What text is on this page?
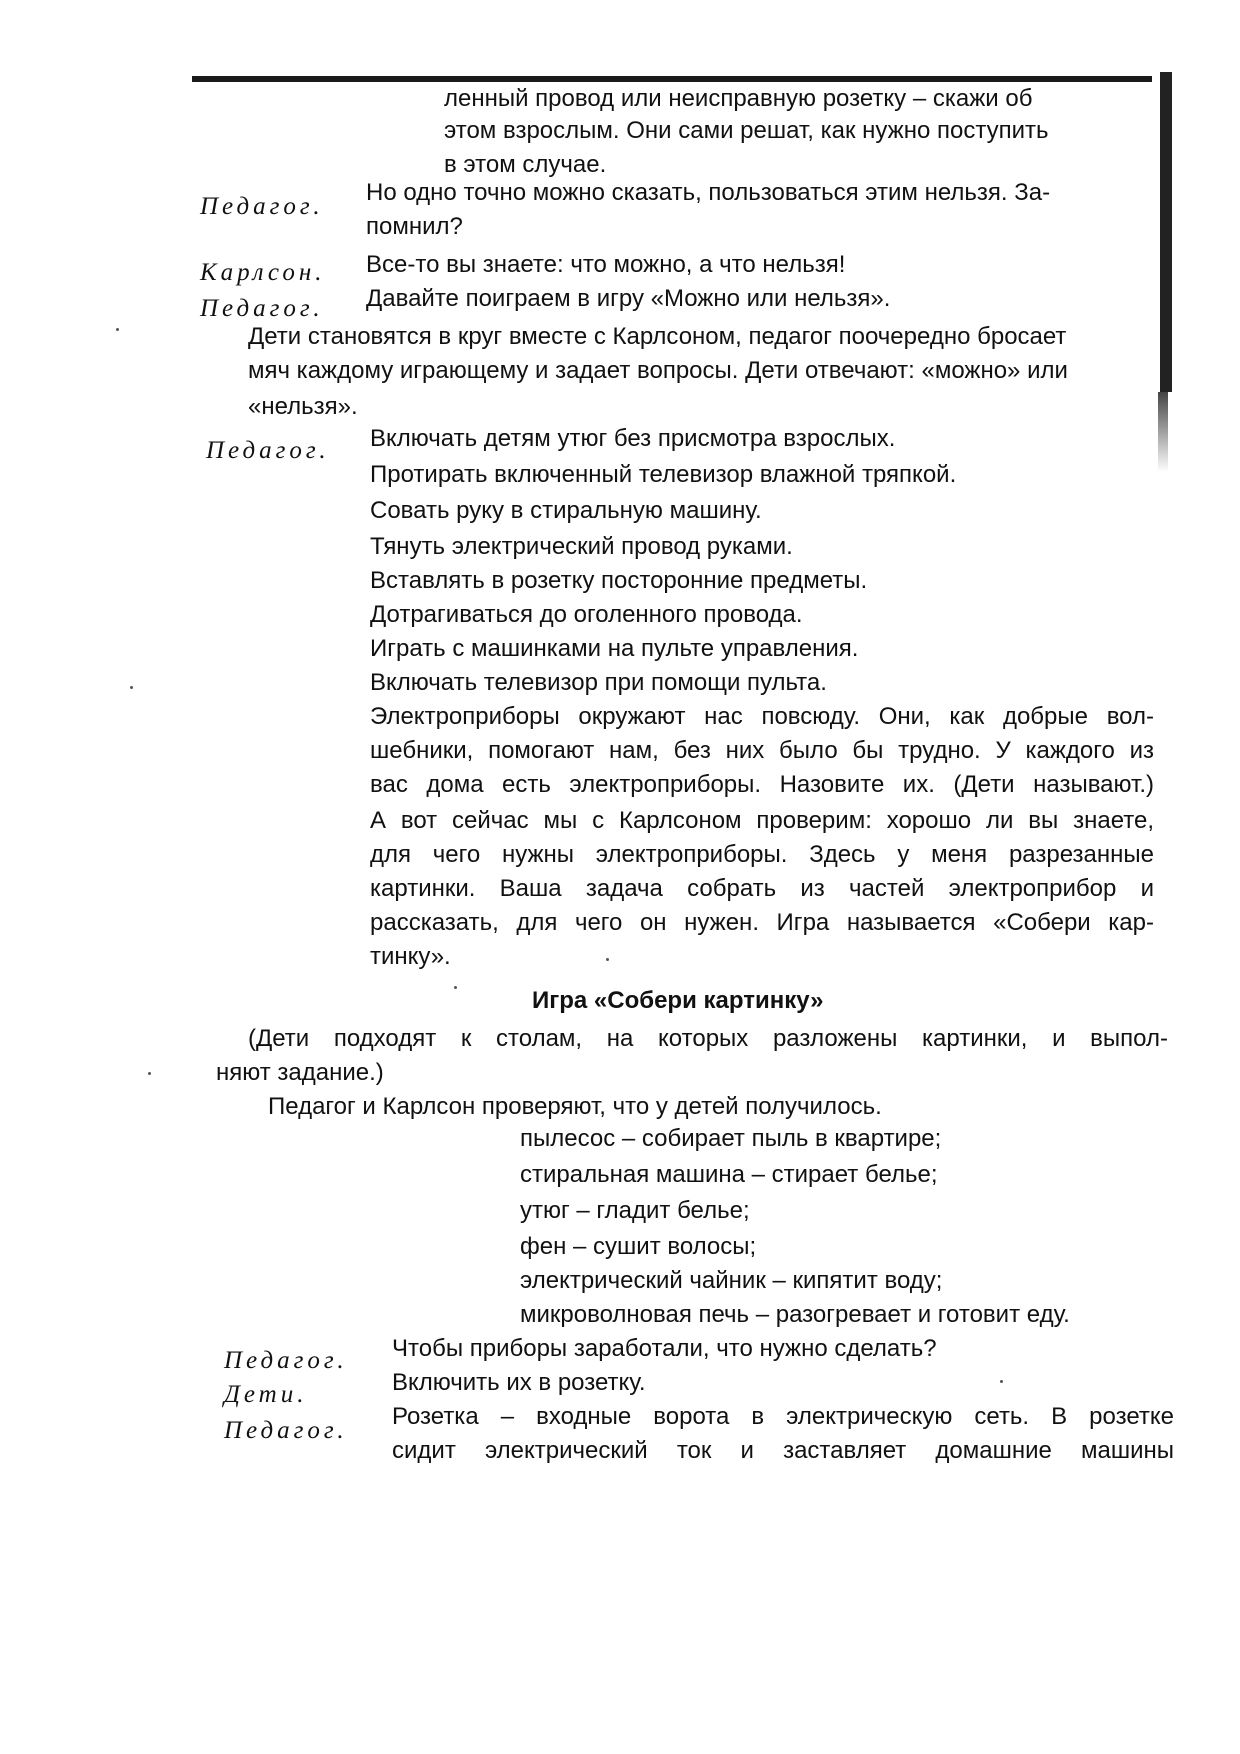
ленный провод или неисправную розетку – скажи об
этом взрослым. Они сами решат, как нужно поступить
в этом случае.
Педагог.
Но одно точно можно сказать, пользоваться этим нельзя. За-
помнил?
Карлсон. Все-то вы знаете: что можно, а что нельзя!
Педагог. Давайте поиграем в игру «Можно или нельзя».
Дети становятся в круг вместе с Карлсоном, педагог поочередно бросает
мяч каждому играющему и задает вопросы. Дети отвечают: «можно» или
«нельзя».
Педагог. Включать детям утюг без присмотра взрослых.
Протирать включенный телевизор влажной тряпкой.
Совать руку в стиральную машину.
Тянуть электрический провод руками.
Вставлять в розетку посторонние предметы.
Дотрагиваться до оголенного провода.
Играть с машинками на пульте управления.
Включать телевизор при помощи пульта.
Электроприборы окружают нас повсюду. Они, как добрые вол-
шебники, помогают нам, без них было бы трудно. У каждого из
вас дома есть электроприборы. Назовите их. (Дети называют.)
А вот сейчас мы с Карлсоном проверим: хорошо ли вы знаете,
для чего нужны электроприборы. Здесь у меня разрезанные
картинки. Ваша задача собрать из частей электроприбор и
рассказать, для чего он нужен. Игра называется «Собери кар-
тинку».
Игра «Собери картинку»
(Дети подходят к столам, на которых разложены картинки, и выпол-
няют задание.)
Педагог и Карлсон проверяют, что у детей получилось.
пылесос – собирает пыль в квартире;
стиральная машина – стирает белье;
утюг – гладит белье;
фен – сушит волосы;
электрический чайник – кипятит воду;
микроволновая печь – разогревает и готовит еду.
Педагог. Чтобы приборы заработали, что нужно сделать?
Дети.	Включить их в розетку.
Педагог.
Розетка – входные ворота в электрическую сеть. В розетке
сидит электрический ток и заставляет домашние машины
